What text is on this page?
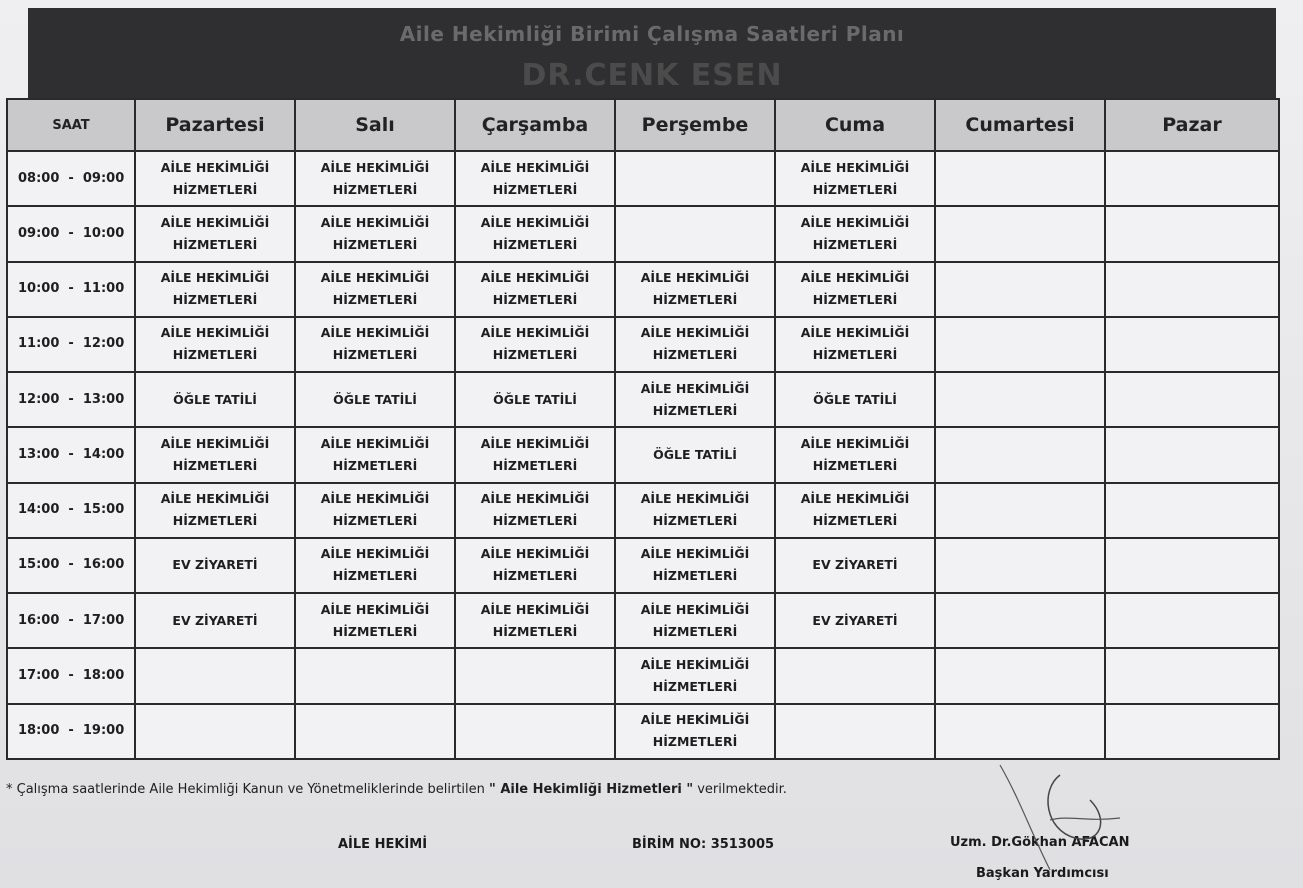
Aile Hekimliği Birimi Çalışma Saatleri Planı
DR.CENK ESEN
SAAT	Pazartesi	Salı	Çarşamba	Perşembe	Cuma	Cumartesi	Pazar
08:00  -  09:00	AİLE HEKİMLİĞİ
HİZMETLERİ	AİLE HEKİMLİĞİ
HİZMETLERİ	AİLE HEKİMLİĞİ
HİZMETLERİ		AİLE HEKİMLİĞİ
HİZMETLERİ		

09:00  -  10:00	AİLE HEKİMLİĞİ
HİZMETLERİ	AİLE HEKİMLİĞİ
HİZMETLERİ	AİLE HEKİMLİĞİ
HİZMETLERİ		AİLE HEKİMLİĞİ
HİZMETLERİ		

10:00  -  11:00	AİLE HEKİMLİĞİ
HİZMETLERİ	AİLE HEKİMLİĞİ
HİZMETLERİ	AİLE HEKİMLİĞİ
HİZMETLERİ	AİLE HEKİMLİĞİ
HİZMETLERİ	AİLE HEKİMLİĞİ
HİZMETLERİ		

11:00  -  12:00	AİLE HEKİMLİĞİ
HİZMETLERİ	AİLE HEKİMLİĞİ
HİZMETLERİ	AİLE HEKİMLİĞİ
HİZMETLERİ	AİLE HEKİMLİĞİ
HİZMETLERİ	AİLE HEKİMLİĞİ
HİZMETLERİ		

12:00  -  13:00	ÖĞLE TATİLİ	ÖĞLE TATİLİ	ÖĞLE TATİLİ	AİLE HEKİMLİĞİ
HİZMETLERİ	ÖĞLE TATİLİ		
13:00  -  14:00	AİLE HEKİMLİĞİ
HİZMETLERİ	AİLE HEKİMLİĞİ
HİZMETLERİ	AİLE HEKİMLİĞİ
HİZMETLERİ	ÖĞLE TATİLİ	AİLE HEKİMLİĞİ
HİZMETLERİ		

14:00  -  15:00	AİLE HEKİMLİĞİ
HİZMETLERİ	AİLE HEKİMLİĞİ
HİZMETLERİ	AİLE HEKİMLİĞİ
HİZMETLERİ	AİLE HEKİMLİĞİ
HİZMETLERİ	AİLE HEKİMLİĞİ
HİZMETLERİ		

15:00  -  16:00	EV ZİYARETİ	AİLE HEKİMLİĞİ
HİZMETLERİ	AİLE HEKİMLİĞİ
HİZMETLERİ	AİLE HEKİMLİĞİ
HİZMETLERİ	EV ZİYARETİ		
16:00  -  17:00	EV ZİYARETİ	AİLE HEKİMLİĞİ
HİZMETLERİ	AİLE HEKİMLİĞİ
HİZMETLERİ	AİLE HEKİMLİĞİ
HİZMETLERİ	EV ZİYARETİ		
17:00  -  18:00				AİLE HEKİMLİĞİ
HİZMETLERİ			

18:00  -  19:00				AİLE HEKİMLİĞİ
HİZMETLERİ			

* Çalışma saatlerinde Aile Hekimliği Kanun ve Yönetmeliklerinde belirtilen " Aile Hekimliği Hizmetleri " verilmektedir.
AİLE HEKİMİ	BİRİM NO: 3513005	Uzm. Dr.Gökhan AFACAN
Başkan Yardımcısı
